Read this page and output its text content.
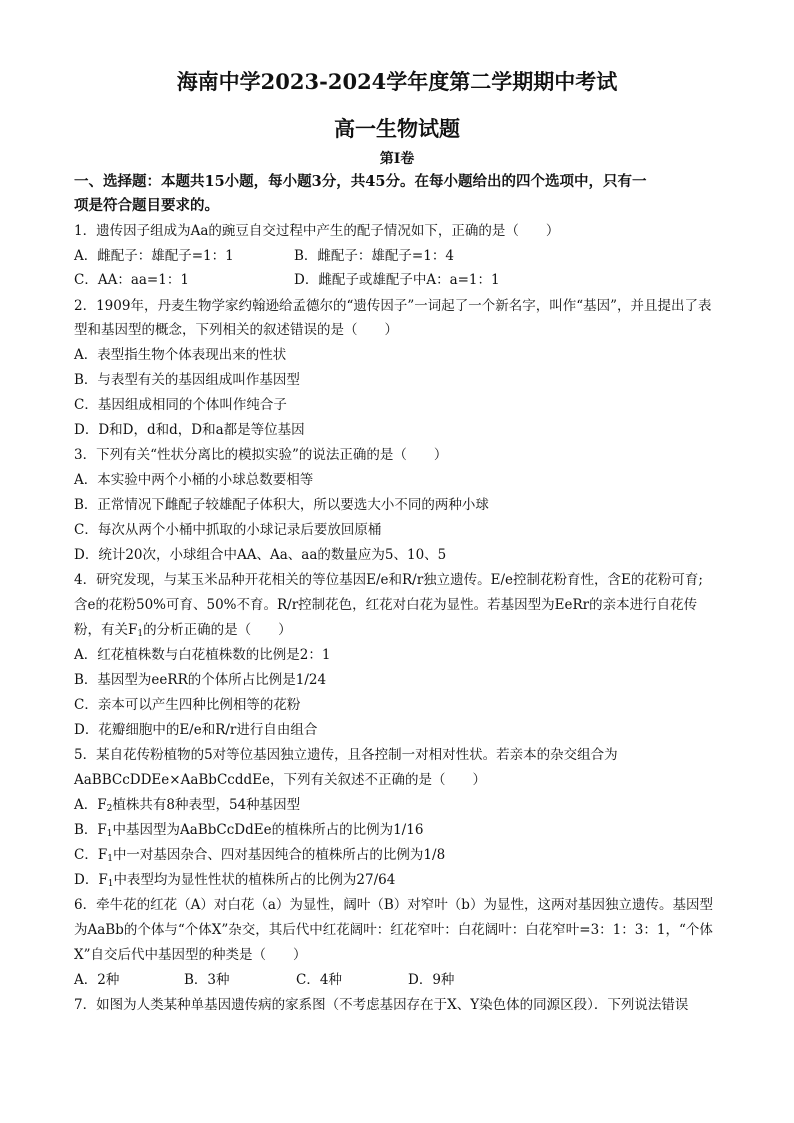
海南中学2023-2024学年度第二学期期中考试
高一生物试题
第Ⅰ卷
一、选择题：本题共15小题，每小题3分，共45分。在每小题给出的四个选项中，只有一
项是符合题目要求的。
1．遗传因子组成为Aa的豌豆自交过程中产生的配子情况如下，正确的是（　　）
A．雌配子：雄配子=1：1	B．雌配子：雄配子=1：4
C．AA：aa=1：1	D．雌配子或雄配子中A：a=1：1
2．1909年，丹麦生物学家约翰逊给孟德尔的“遗传因子”一词起了一个新名字，叫作“基因”，并且提出了表
型和基因型的概念，下列相关的叙述错误的是（　　）
A．表型指生物个体表现出来的性状
B．与表型有关的基因组成叫作基因型
C．基因组成相同的个体叫作纯合子
D．D和D，d和d，D和a都是等位基因
3．下列有关“性状分离比的模拟实验”的说法正确的是（　　）
A．本实验中两个小桶的小球总数要相等
B．正常情况下雌配子较雄配子体积大，所以要选大小不同的两种小球
C．每次从两个小桶中抓取的小球记录后要放回原桶
D．统计20次，小球组合中AA、Aa、aa的数量应为5、10、5
4．研究发现，与某玉米品种开花相关的等位基因E/e和R/r独立遗传。E/e控制花粉育性，含E的花粉可育;
含e的花粉50%可育、50%不育。R/r控制花色，红花对白花为显性。若基因型为EeRr的亲本进行自花传
粉，有关$F_1$的分析正确的是（　　）
A．红花植株数与白花植株数的比例是2：1
B．基因型为eeRR的个体所占比例是1/24
C．亲本可以产生四种比例相等的花粉
D．花瓣细胞中的E/e和R/r进行自由组合
5．某自花传粉植物的5对等位基因独立遗传，且各控制一对相对性状。若亲本的杂交组合为
AaBBCcDDEe×AaBbCcddEe，下列有关叙述不正确的是（　　）
A．$F_2$植株共有8种表型，54种基因型
B．$F_1$中基因型为AaBbCcDdEe的植株所占的比例为1/16
C．$F_1$中一对基因杂合、四对基因纯合的植株所占的比例为1/8
D．$F_1$中表型均为显性性状的植株所占的比例为27/64
6．牵牛花的红花（A）对白花（a）为显性，阔叶（B）对窄叶（b）为显性，这两对基因独立遗传。基因型
为AaBb的个体与“个体X”杂交，其后代中红花阔叶：红花窄叶：白花阔叶：白花窄叶=3：1：3：1，“个体
X”自交后代中基因型的种类是（　　）
A．2种	B．3种	C．4种	D．9种
7．如图为人类某种单基因遗传病的家系图（不考虑基因存在于X、Y染色体的同源区段）．下列说法错误
